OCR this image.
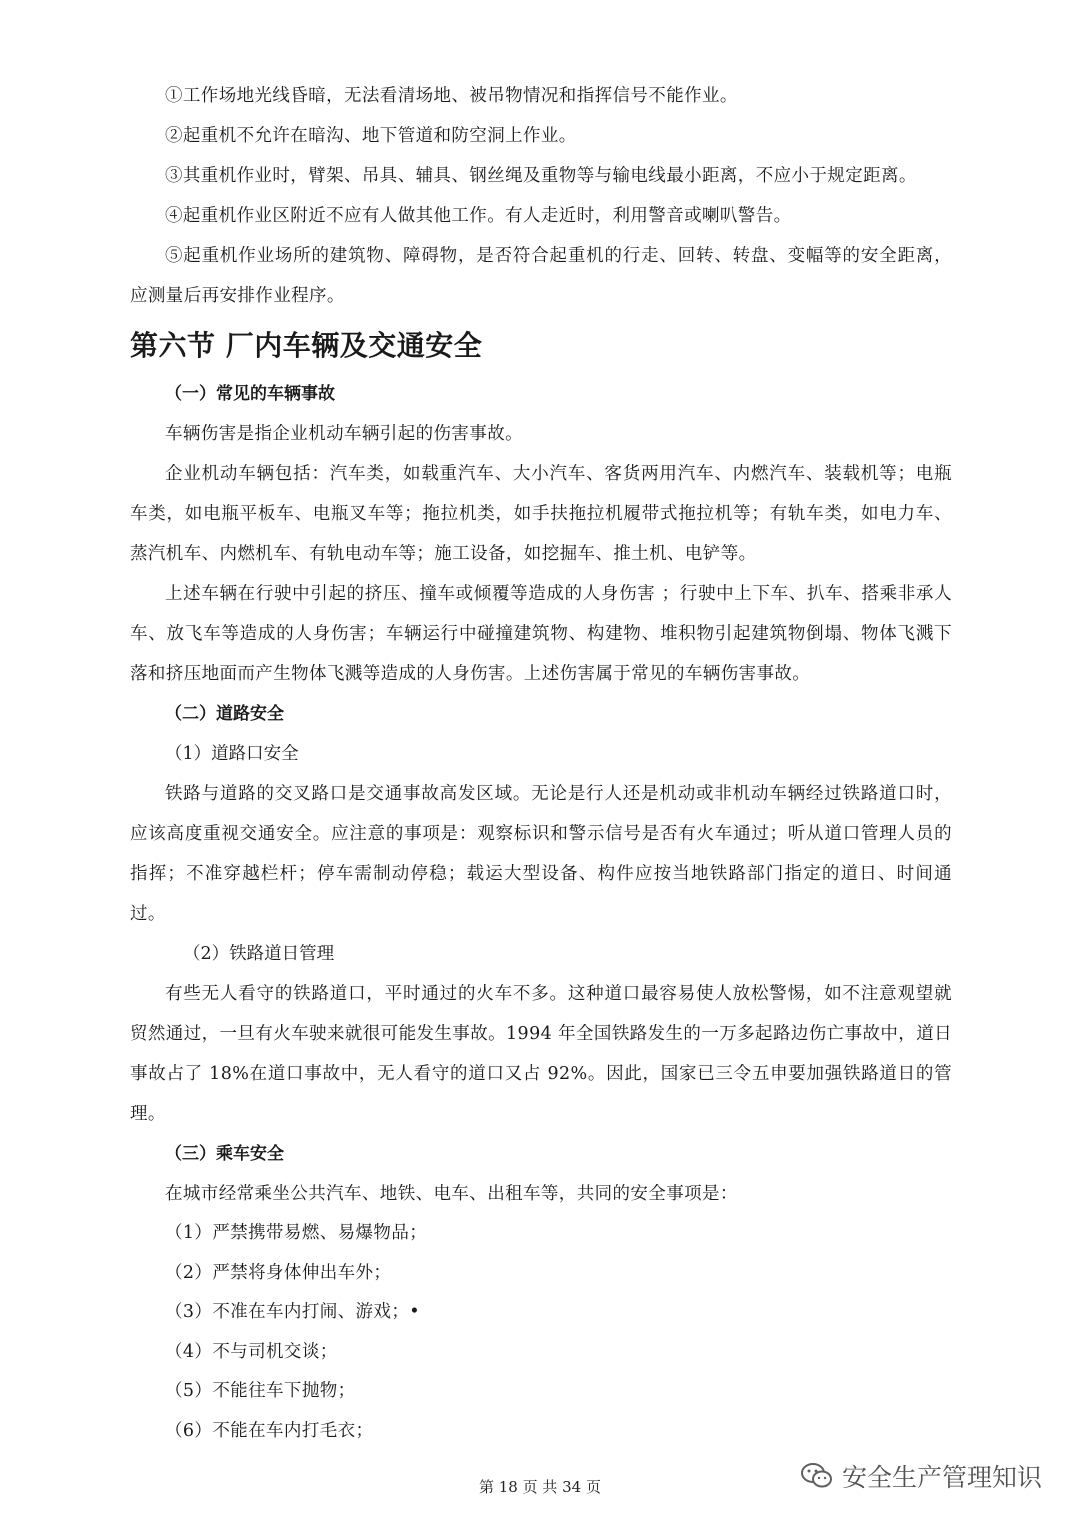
①工作场地光线昏暗，无法看清场地、被吊物情况和指挥信号不能作业。

②起重机不允许在暗沟、地下管道和防空洞上作业。

③其重机作业时，臂架、吊具、辅具、钢丝绳及重物等与输电线最小距离，不应小于规定距离。

④起重机作业区附近不应有人做其他工作。有人走近时，利用警音或喇叭警告。

⑤起重机作业场所的建筑物、障碍物，是否符合起重机的行走、回转、转盘、变幅等的安全距离，应测量后再安排作业程序。

第六节 厂内车辆及交通安全

（一）常见的车辆事故

车辆伤害是指企业机动车辆引起的伤害事故。

企业机动车辆包括：汽车类，如载重汽车、大小汽车、客货两用汽车、内燃汽车、装载机等；电瓶车类，如电瓶平板车、电瓶叉车等；拖拉机类，如手扶拖拉机履带式拖拉机等；有轨车类，如电力车、蒸汽机车、内燃机车、有轨电动车等；施工设备，如挖掘车、推土机、电铲等。

上述车辆在行驶中引起的挤压、撞车或倾覆等造成的人身伤害 ；行驶中上下车、扒车、搭乘非承人车、放飞车等造成的人身伤害；车辆运行中碰撞建筑物、构建物、堆积物引起建筑物倒塌、物体飞溅下落和挤压地面而产生物体飞溅等造成的人身伤害。上述伤害属于常见的车辆伤害事故。

（二）道路安全

（1）道路口安全

铁路与道路的交叉路口是交通事故高发区域。无论是行人还是机动或非机动车辆经过铁路道口时，应该高度重视交通安全。应注意的事项是：观察标识和警示信号是否有火车通过；听从道口管理人员的指挥；不准穿越栏杆；停车需制动停稳；载运大型设备、构件应按当地铁路部门指定的道日、时间通过。

（2）铁路道日管理

有些无人看守的铁路道口，平时通过的火车不多。这种道口最容易使人放松警惕，如不注意观望就贸然通过，一旦有火车驶来就很可能发生事故。1994 年全国铁路发生的一万多起路边伤亡事故中，道日事故占了 18%在道口事故中，无人看守的道口又占 92%。因此，国家已三令五申要加强铁路道日的管理。

（三）乘车安全

在城市经常乘坐公共汽车、地铁、电车、出租车等，共同的安全事项是：

（1）严禁携带易燃、易爆物品；

（2）严禁将身体伸出车外；

（3）不准在车内打闹、游戏；•

（4）不与司机交谈；

（5）不能往车下抛物；

（6）不能在车内打毛衣；

第 18 页 共 34 页	安全生产管理知识
